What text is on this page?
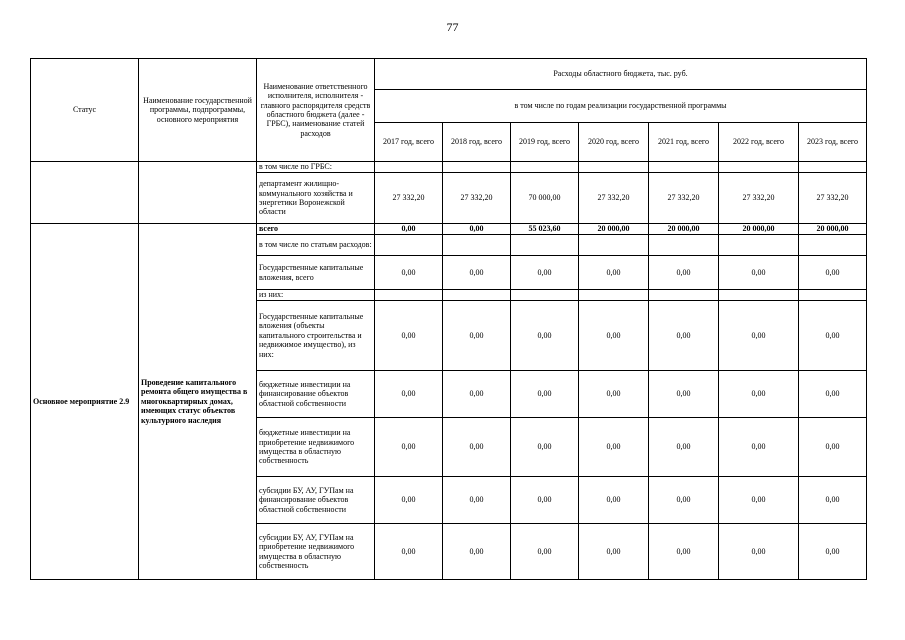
77
Статус	Наименование государственной программы, подпрограммы, основного мероприятия	Наименование ответственного исполнителя, исполнителя - главного распорядителя средств областного бюджета (далее - ГРБС), наименование статей расходов	Расходы областного бюджета, тыс. руб.						
			в том числе по годам реализации государственной программы						
			2017 год, всего	2018 год, всего	2019 год, всего	2020 год, всего	2021 год, всего	2022 год, всего	2023 год, всего
		в том числе по ГРБС:							
		департамент жилищно-коммунального хозяйства и энергетики Воронежской области	27 332,20	27 332,20	70 000,00	27 332,20	27 332,20	27 332,20	27 332,20
Основное мероприятие 2.9	Проведение капитального ремонта общего имущества в многоквартирных домах, имеющих статус объектов культурного наследия	всего	0,00	0,00	55 023,60	20 000,00	20 000,00	20 000,00	20 000,00
		в том числе по статьям расходов:							
		Государственные капитальные вложения, всего	0,00	0,00	0,00	0,00	0,00	0,00	0,00
		из них:							
		Государственные капитальные вложения (объекты капитального строительства и недвижимое имущество), из них:	0,00	0,00	0,00	0,00	0,00	0,00	0,00
		бюджетные инвестиции на финансирование объектов областной собственности	0,00	0,00	0,00	0,00	0,00	0,00	0,00
		бюджетные инвестиции на приобретение недвижимого имущества в областную собственность	0,00	0,00	0,00	0,00	0,00	0,00	0,00
		субсидии БУ, АУ, ГУПам на финансирование объектов областной собственности	0,00	0,00	0,00	0,00	0,00	0,00	0,00
		субсидии БУ, АУ, ГУПам на приобретение недвижимого имущества в областную собственность	0,00	0,00	0,00	0,00	0,00	0,00	0,00
